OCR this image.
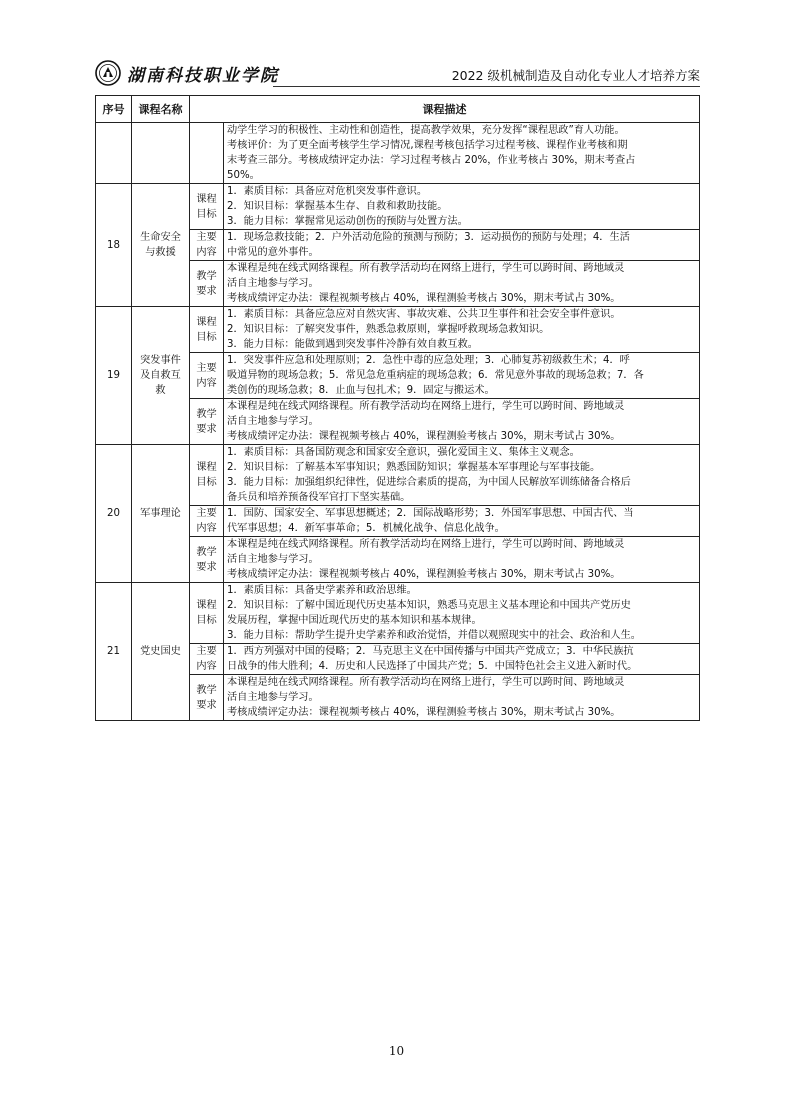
湖南科技职业学院	2022 级机械制造及自动化专业人才培养方案
序号	课程名称	课程描述	

			动学生学习的积极性、主动性和创造性，提高教学效果，充分发挥“课程思政”育人功能。
考核评价：为了更全面考核学生学习情况,课程考核包括学习过程考核、课程作业考核和期
末考查三部分。考核成绩评定办法：学习过程考核占 20%，作业考核占 30%，期末考查占
50%。

18	生命安全
与救援	课程
目标	1．素质目标：具备应对危机突发事件意识。
2．知识目标：掌握基本生存、自救和救助技能。
3．能力目标：掌握常见运动创伤的预防与处置方法。

		主要
内容	1．现场急救技能；2．户外活动危险的预测与预防；3．运动损伤的预防与处理；4．生活
中常见的意外事件。

		教学
要求	本课程是纯在线式网络课程。所有教学活动均在网络上进行，学生可以跨时间、跨地域灵
活自主地参与学习。
考核成绩评定办法：课程视频考核占 40%，课程测验考核占 30%，期末考试占 30%。

19	突发事件
及自救互
救	课程
目标	1．素质目标：具备应急应对自然灾害、事故灾难、公共卫生事件和社会安全事件意识。
2．知识目标：了解突发事件，熟悉急救原则，掌握呼救现场急救知识。
3．能力目标：能做到遇到突发事件冷静有效自救互救。

		主要
内容	1．突发事件应急和处理原则；2．急性中毒的应急处理；3．心肺复苏初级救生术；4．呼
吸道异物的现场急救；5．常见急危重病症的现场急救；6．常见意外事故的现场急救；7．各
类创伤的现场急救；8．止血与包扎术；9．固定与搬运术。

		教学
要求	本课程是纯在线式网络课程。所有教学活动均在网络上进行，学生可以跨时间、跨地域灵
活自主地参与学习。
考核成绩评定办法：课程视频考核占 40%，课程测验考核占 30%，期末考试占 30%。

20	军事理论	课程
目标	1．素质目标：具备国防观念和国家安全意识，强化爱国主义、集体主义观念。
2．知识目标：了解基本军事知识；熟悉国防知识；掌握基本军事理论与军事技能。
3．能力目标：加强组织纪律性，促进综合素质的提高，为中国人民解放军训练储备合格后
备兵员和培养预备役军官打下坚实基础。

		主要
内容	1．国防、国家安全、军事思想概述；2．国际战略形势；3．外国军事思想、中国古代、当
代军事思想；4．新军事革命；5．机械化战争、信息化战争。

		教学
要求	本课程是纯在线式网络课程。所有教学活动均在网络上进行，学生可以跨时间、跨地域灵
活自主地参与学习。
考核成绩评定办法：课程视频考核占 40%，课程测验考核占 30%，期末考试占 30%。

21	党史国史	课程
目标	1．素质目标：具备史学素养和政治思维。
2．知识目标：了解中国近现代历史基本知识，熟悉马克思主义基本理论和中国共产党历史
发展历程，掌握中国近现代历史的基本知识和基本规律。
3．能力目标：帮助学生提升史学素养和政治觉悟，并借以观照现实中的社会、政治和人生。

		主要
内容	1．西方列强对中国的侵略；2．马克思主义在中国传播与中国共产党成立；3．中华民族抗
日战争的伟大胜利；4．历史和人民选择了中国共产党；5．中国特色社会主义进入新时代。

		教学
要求	本课程是纯在线式网络课程。所有教学活动均在网络上进行，学生可以跨时间、跨地域灵
活自主地参与学习。
考核成绩评定办法：课程视频考核占 40%，课程测验考核占 30%，期末考试占 30%。
10
